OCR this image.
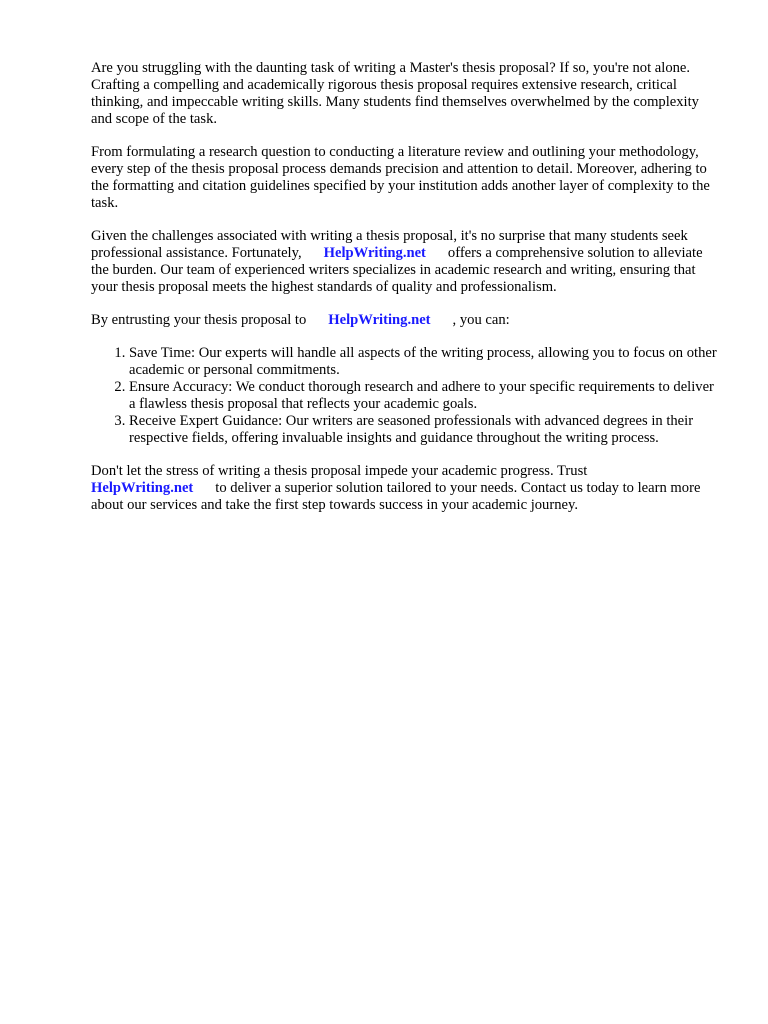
Are you struggling with the daunting task of writing a Master's thesis proposal? If so, you're not alone. Crafting a compelling and academically rigorous thesis proposal requires extensive research, critical thinking, and impeccable writing skills. Many students find themselves overwhelmed by the complexity and scope of the task.

From formulating a research question to conducting a literature review and outlining your methodology, every step of the thesis proposal process demands precision and attention to detail. Moreover, adhering to the formatting and citation guidelines specified by your institution adds another layer of complexity to the task.

Given the challenges associated with writing a thesis proposal, it's no surprise that many students seek professional assistance. Fortunately, HelpWriting.net offers a comprehensive solution to alleviate the burden. Our team of experienced writers specializes in academic research and writing, ensuring that your thesis proposal meets the highest standards of quality and professionalism.

By entrusting your thesis proposal to HelpWriting.net , you can:

1. Save Time: Our experts will handle all aspects of the writing process, allowing you to focus on other academic or personal commitments.
2. Ensure Accuracy: We conduct thorough research and adhere to your specific requirements to deliver a flawless thesis proposal that reflects your academic goals.
3. Receive Expert Guidance: Our writers are seasoned professionals with advanced degrees in their respective fields, offering invaluable insights and guidance throughout the writing process.

Don't let the stress of writing a thesis proposal impede your academic progress. Trust HelpWriting.net to deliver a superior solution tailored to your needs. Contact us today to learn more about our services and take the first step towards success in your academic journey.
